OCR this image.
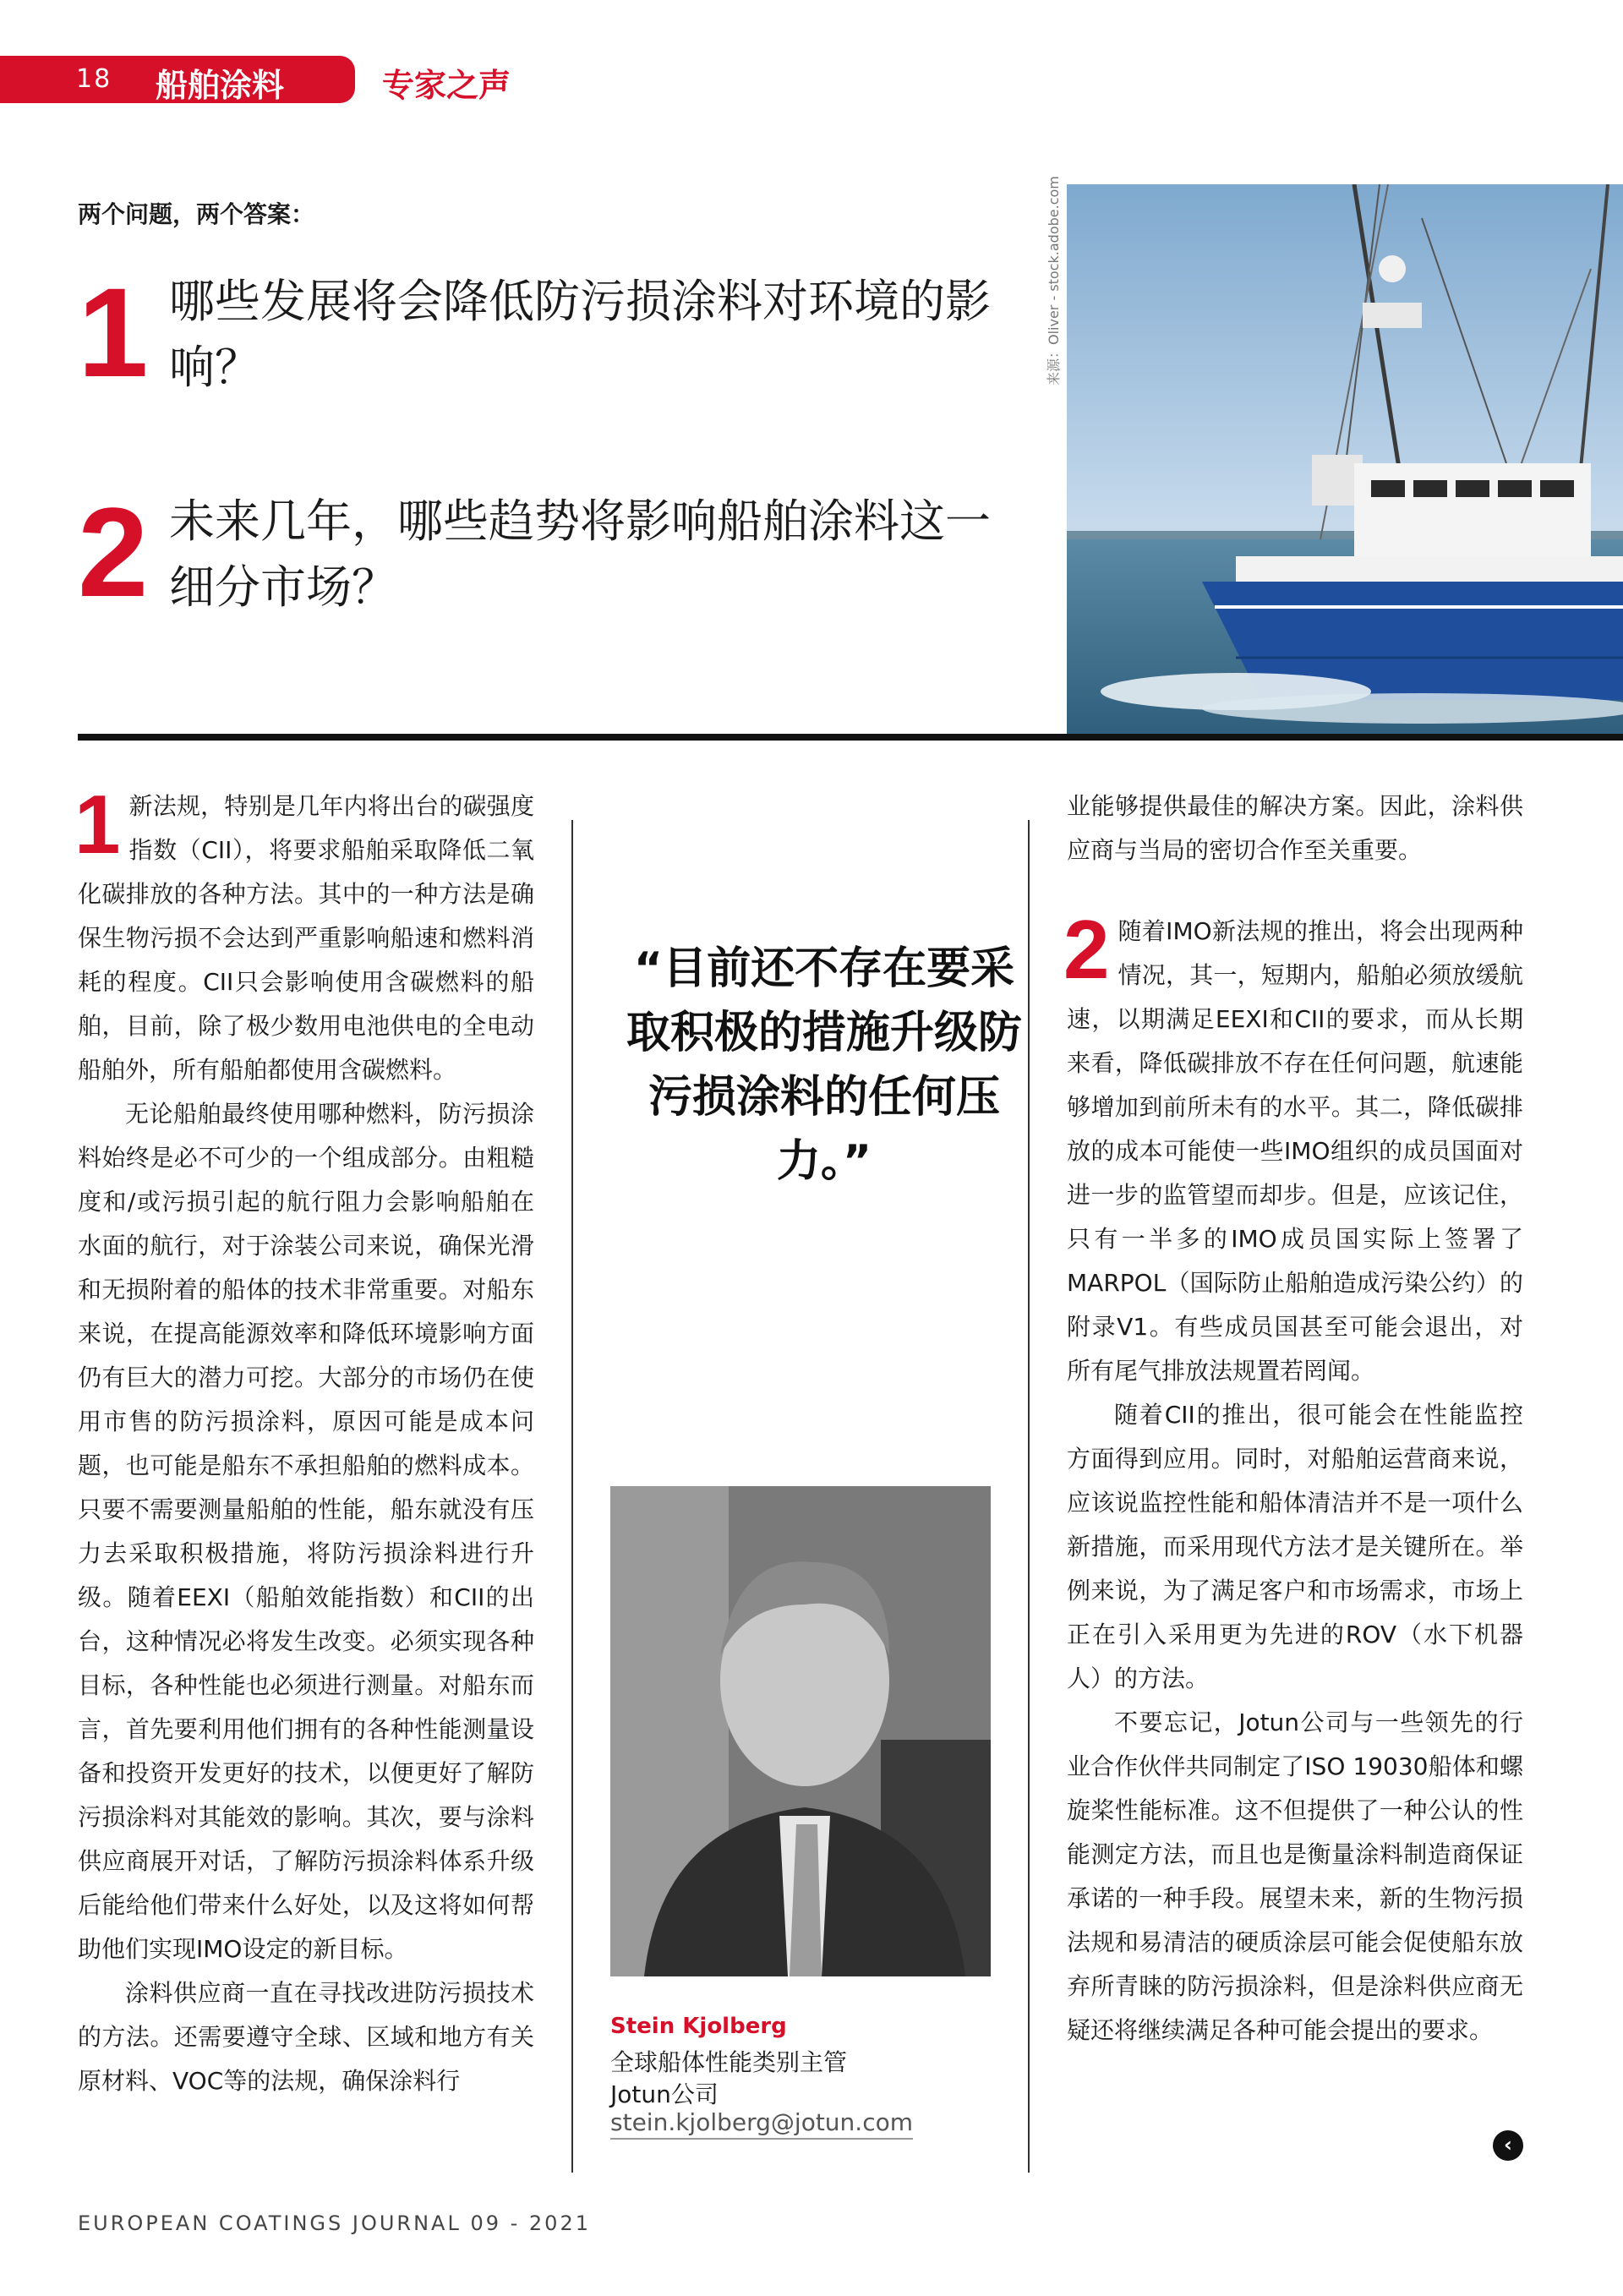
18 船舶涂料	专家之声
两个问题，两个答案：
1 哪些发展将会降低防污损涂料对环境的影响？
2 未来几年，哪些趋势将影响船舶涂料这一细分市场？
来源：Oliver - stock.adobe.com

1 新法规，特别是几年内将出台的碳强度指数（CII），将要求船舶采取降低二氧化碳排放的各种方法。其中的一种方法是确保生物污损不会达到严重影响船速和燃料消耗的程度。CII只会影响使用含碳燃料的船舶，目前，除了极少数用电池供电的全电动船舶外，所有船舶都使用含碳燃料。

无论船舶最终使用哪种燃料，防污损涂料始终是必不可少的一个组成部分。由粗糙度和/或污损引起的航行阻力会影响船舶在水面的航行，对于涂装公司来说，确保光滑和无损附着的船体的技术非常重要。对船东来说，在提高能源效率和降低环境影响方面仍有巨大的潜力可挖。大部分的市场仍在使用市售的防污损涂料，原因可能是成本问题，也可能是船东不承担船舶的燃料成本。只要不需要测量船舶的性能，船东就没有压力去采取积极措施，将防污损涂料进行升级。随着EEXI（船舶效能指数）和CII的出台，这种情况必将发生改变。必须实现各种目标，各种性能也必须进行测量。对船东而言，首先要利用他们拥有的各种性能测量设备和投资开发更好的技术，以便更好了解防污损涂料对其能效的影响。其次，要与涂料供应商展开对话，了解防污损涂料体系升级后能给他们带来什么好处，以及这将如何帮助他们实现IMO设定的新目标。

涂料供应商一直在寻找改进防污损技术的方法。还需要遵守全球、区域和地方有关原材料、VOC等的法规，确保涂料行

“目前还不存在要采取积极的措施升级防污损涂料的任何压力。”
Stein Kjolberg
全球船体性能类别主管
Jotun公司
stein.kjolberg@jotun.com

业能够提供最佳的解决方案。因此，涂料供应商与当局的密切合作至关重要。

2 随着IMO新法规的推出，将会出现两种情况，其一，短期内，船舶必须放缓航速，以期满足EEXI和CII的要求，而从长期来看，降低碳排放不存在任何问题，航速能够增加到前所未有的水平。其二，降低碳排放的成本可能使一些IMO组织的成员国面对进一步的监管望而却步。但是，应该记住，只有一半多的IMO成员国实际上签署了MARPOL（国际防止船舶造成污染公约）的附录V1。有些成员国甚至可能会退出，对所有尾气排放法规置若罔闻。

随着CII的推出，很可能会在性能监控方面得到应用。同时，对船舶运营商来说，应该说监控性能和船体清洁并不是一项什么新措施，而采用现代方法才是关键所在。举例来说，为了满足客户和市场需求，市场上正在引入采用更为先进的ROV（水下机器人）的方法。

不要忘记，Jotun公司与一些领先的行业合作伙伴共同制定了ISO 19030船体和螺旋桨性能标准。这不但提供了一种公认的性能测定方法，而且也是衡量涂料制造商保证承诺的一种手段。展望未来，新的生物污损法规和易清洁的硬质涂层可能会促使船东放弃所青睐的防污损涂料，但是涂料供应商无疑还将继续满足各种可能会提出的要求。

‹
EUROPEAN COATINGS JOURNAL 09 - 2021
